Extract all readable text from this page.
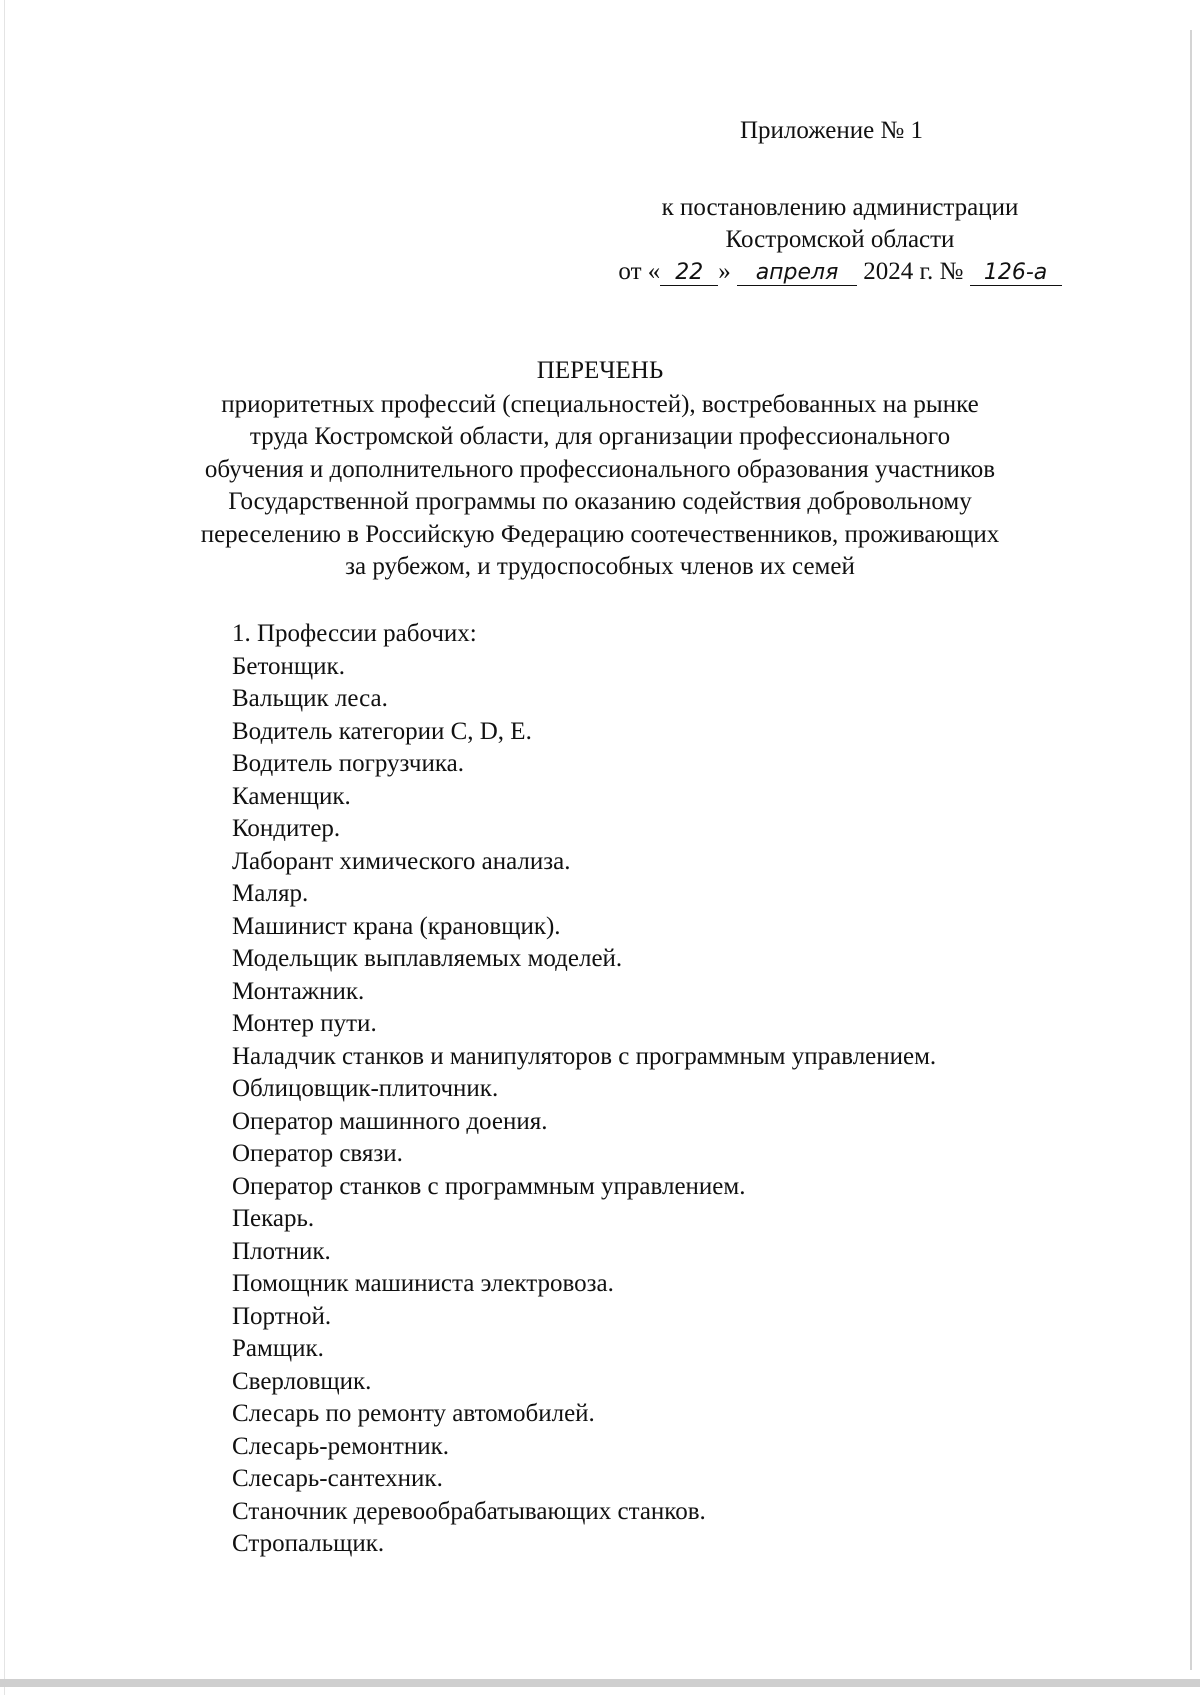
Приложение № 1
к постановлению администрации
Костромской области
от « 22 » апреля 2024 г. № 126-а
ПЕРЕЧЕНЬ
приоритетных профессий (специальностей), востребованных на рынке
труда Костромской области, для организации профессионального
обучения и дополнительного профессионального образования участников
Государственной программы по оказанию содействия добровольному
переселению в Российскую Федерацию соотечественников, проживающих
за рубежом, и трудоспособных членов их семей
1. Профессии рабочих:
Бетонщик.
Вальщик леса.
Водитель категории C, D, E.
Водитель погрузчика.
Каменщик.
Кондитер.
Лаборант химического анализа.
Маляр.
Машинист крана (крановщик).
Модельщик выплавляемых моделей.
Монтажник.
Монтер пути.
Наладчик станков и манипуляторов с программным управлением.
Облицовщик-плиточник.
Оператор машинного доения.
Оператор связи.
Оператор станков с программным управлением.
Пекарь.
Плотник.
Помощник машиниста электровоза.
Портной.
Рамщик.
Сверловщик.
Слесарь по ремонту автомобилей.
Слесарь-ремонтник.
Слесарь-сантехник.
Станочник деревообрабатывающих станков.
Стропальщик.
